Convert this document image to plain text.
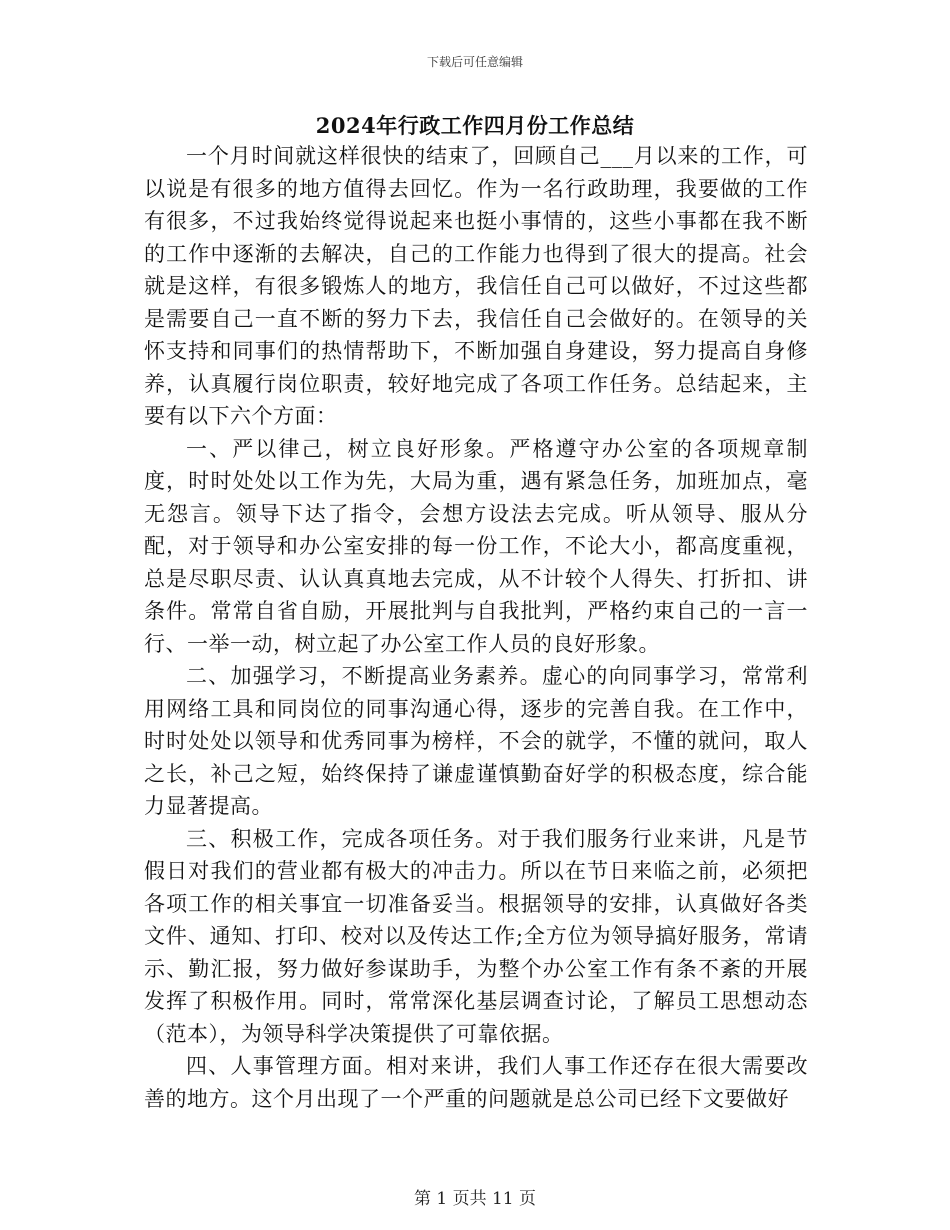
下载后可任意编辑
2024年行政工作四月份工作总结

一个月时间就这样很快的结束了，回顾自己___月以来的工作，可以说是有很多的地方值得去回忆。作为一名行政助理，我要做的工作有很多，不过我始终觉得说起来也挺小事情的，这些小事都在我不断的工作中逐渐的去解决，自己的工作能力也得到了很大的提高。社会就是这样，有很多锻炼人的地方，我信任自己可以做好，不过这些都是需要自己一直不断的努力下去，我信任自己会做好的。在领导的关怀支持和同事们的热情帮助下，不断加强自身建设，努力提高自身修养，认真履行岗位职责，较好地完成了各项工作任务。总结起来，主要有以下六个方面：

一、严以律己，树立良好形象。严格遵守办公室的各项规章制度，时时处处以工作为先，大局为重，遇有紧急任务，加班加点，毫无怨言。领导下达了指令，会想方设法去完成。听从领导、服从分配，对于领导和办公室安排的每一份工作，不论大小，都高度重视，总是尽职尽责、认认真真地去完成，从不计较个人得失、打折扣、讲条件。常常自省自励，开展批判与自我批判，严格约束自己的一言一行、一举一动，树立起了办公室工作人员的良好形象。

二、加强学习，不断提高业务素养。虚心的向同事学习，常常利用网络工具和同岗位的同事沟通心得，逐步的完善自我。在工作中，时时处处以领导和优秀同事为榜样，不会的就学，不懂的就问，取人之长，补己之短，始终保持了谦虚谨慎勤奋好学的积极态度，综合能力显著提高。

三、积极工作，完成各项任务。对于我们服务行业来讲，凡是节假日对我们的营业都有极大的冲击力。所以在节日来临之前，必须把各项工作的相关事宜一切准备妥当。根据领导的安排，认真做好各类文件、通知、打印、校对以及传达工作;全方位为领导搞好服务，常请示、勤汇报，努力做好参谋助手，为整个办公室工作有条不紊的开展发挥了积极作用。同时，常常深化基层调查讨论，了解员工思想动态（范本），为领导科学决策提供了可靠依据。

四、人事管理方面。相对来讲，我们人事工作还存在很大需要改善的地方。这个月出现了一个严重的问题就是总公司已经下文要做好

第 1 页共 11 页
